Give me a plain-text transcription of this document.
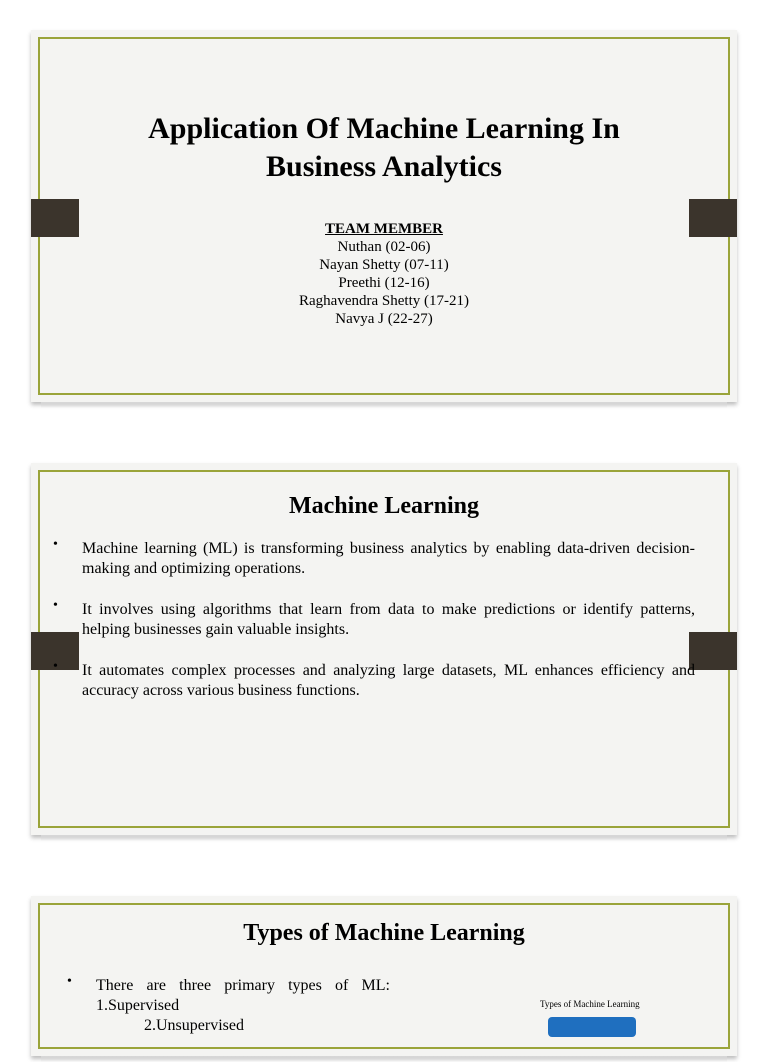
Application Of Machine Learning In Business Analytics
TEAM MEMBER
Nuthan (02-06)
Nayan Shetty (07-11)
Preethi (12-16)
Raghavendra Shetty (17-21)
Navya J (22-27)
Machine Learning
• Machine learning (ML) is transforming business analytics by enabling data-driven decision-making and optimizing operations.
• It involves using algorithms that learn from data to make predictions or identify patterns, helping businesses gain valuable insights.
• It automates complex processes and analyzing large datasets, ML enhances efficiency and accuracy across various business functions.
Types of Machine Learning
• There are three primary types of ML:
1.Supervised
2.Unsupervised
Types of Machine Learning
